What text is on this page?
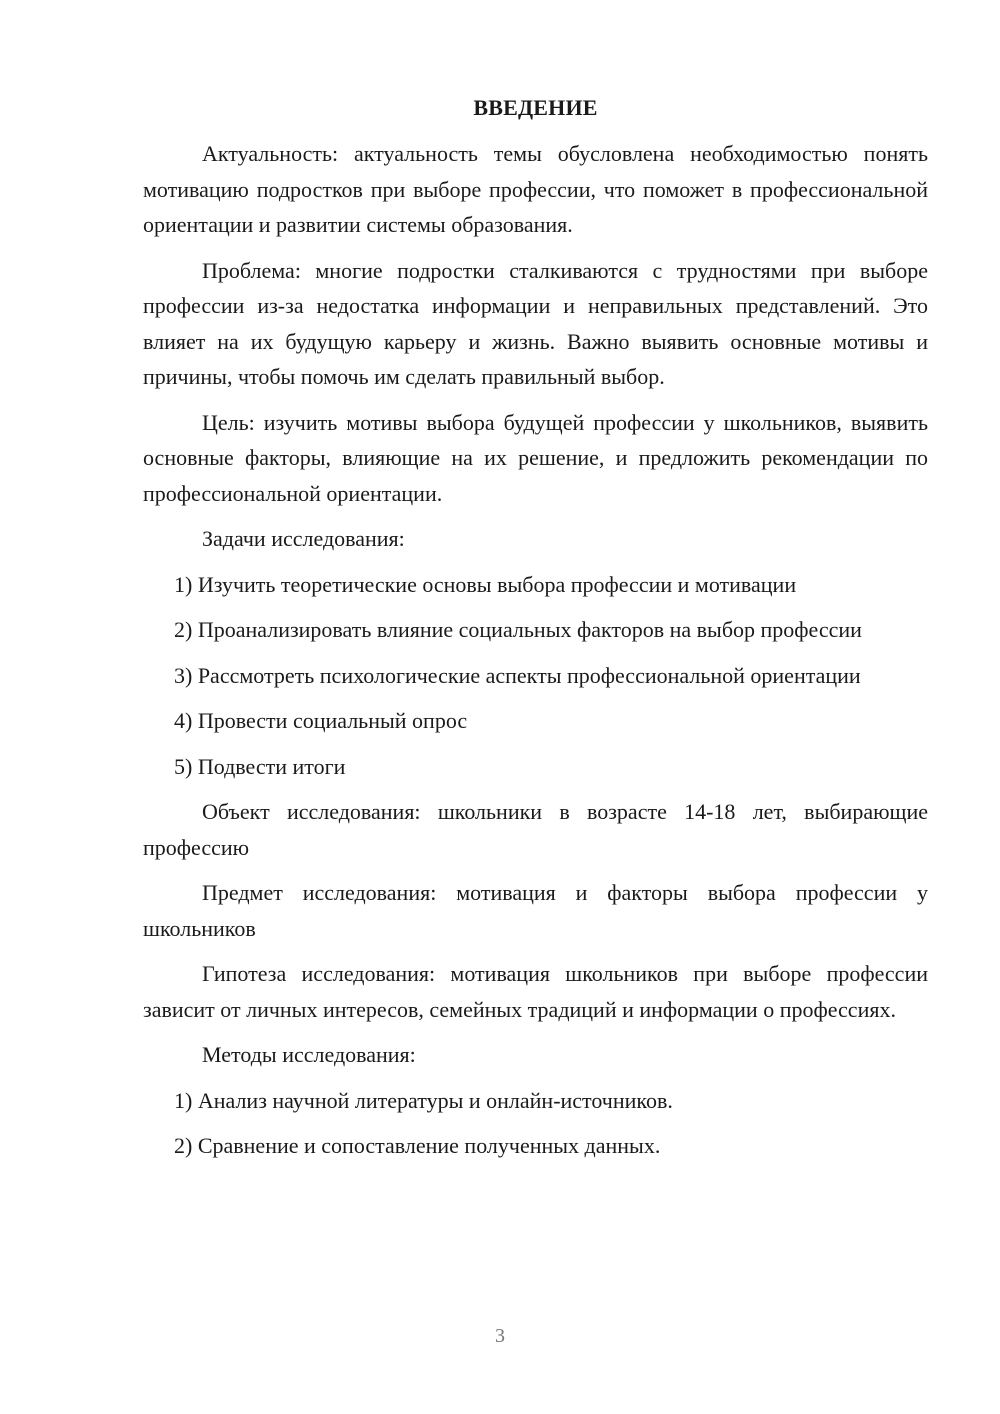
ВВЕДЕНИЕ

Актуальность: актуальность темы обусловлена необходимостью понять мотивацию подростков при выборе профессии, что поможет в профессиональной ориентации и развитии системы образования.

Проблема: многие подростки сталкиваются с трудностями при выборе профессии из-за недостатка информации и неправильных представлений. Это влияет на их будущую карьеру и жизнь. Важно выявить основные мотивы и причины, чтобы помочь им сделать правильный выбор.

Цель: изучить мотивы выбора будущей профессии у школьников, выявить основные факторы, влияющие на их решение, и предложить рекомендации по профессиональной ориентации.

Задачи исследования:

1) Изучить теоретические основы выбора профессии и мотивации

2) Проанализировать влияние социальных факторов на выбор профессии

3) Рассмотреть психологические аспекты профессиональной ориентации

4) Провести социальный опрос

5) Подвести итоги

Объект исследования: школьники в возрасте 14-18 лет, выбирающие профессию

Предмет исследования: мотивация и факторы выбора профессии у школьников

Гипотеза исследования: мотивация школьников при выборе профессии зависит от личных интересов, семейных традиций и информации о профессиях.

Методы исследования:

1) Анализ научной литературы и онлайн-источников.

2) Сравнение и сопоставление полученных данных.

3
